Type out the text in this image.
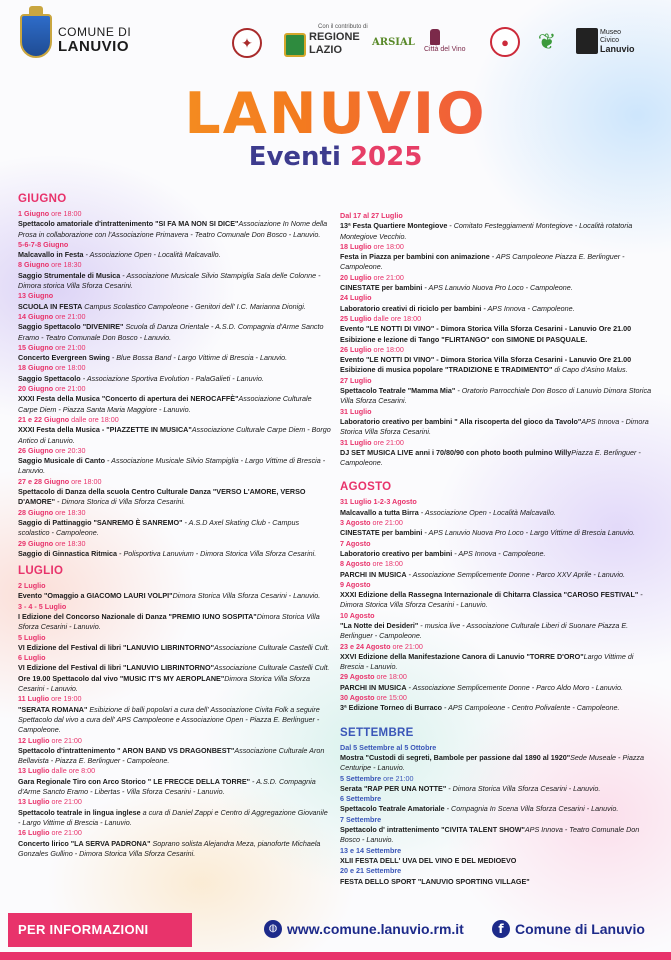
COMUNE DI
LANUVIO	✦
Con il contributo di
REGIONE
LAZIO
ARSIAL
Città del Vino	● ❦	Museo
Civico
Lanuvio
LANUVIO
Eventi 2025
GIUGNO
1 Giugno ore 18:00
Spettacolo amatoriale d'intrattenimento "SI FA MA NON SI DICE"Associazione In Nome della Prosa in collaborazione con l'Associazione Primavera - Teatro Comunale Don Bosco - Lanuvio.
5-6-7-8 Giugno
Malcavallo in Festa - Associazione Open - Località Malcavallo.
8 Giugno ore 18:30
Saggio Strumentale di Musica - Associazione Musicale Silvio Stampiglia Sala delle Colonne - Dimora storica Villa Sforza Cesarini.
13 Giugno
SCUOLA IN FESTA Campus Scolastico Campoleone - Genitori dell' I.C. Marianna Dionigi.
14 Giugno ore 21:00
Saggio Spettacolo "DIVENIRE" Scuola di Danza Orientale - A.S.D. Compagnia d'Arme Sancto Eramo - Teatro Comunale Don Bosco - Lanuvio.
15 Giugno ore 21:00
Concerto Evergreen Swing - Blue Bossa Band - Largo Vittime di Brescia - Lanuvio.
18 Giugno ore 18:00
Saggio Spettacolo - Associazione Sportiva Evolution - PalaGalieti - Lanuvio.
20 Giugno ore 21:00
XXXI Festa della Musica "Concerto di apertura dei NEROCAFFÈ"Associazione Culturale Carpe Diem - Piazza Santa Maria Maggiore - Lanuvio.
21 e 22 Giugno dalle ore 18:00
XXXI Festa della Musica - "PIAZZETTE IN MUSICA"Associazione Culturale Carpe Diem - Borgo Antico di Lanuvio.
26 Giugno ore 20:30
Saggio Musicale di Canto - Associazione Musicale Silvio Stampiglia - Largo Vittime di Brescia - Lanuvio.
27 e 28 Giugno ore 18:00
Spettacolo di Danza della scuola Centro Culturale Danza "VERSO L'AMORE, VERSO D'AMORE" - Dimora Storica di Villa Sforza Cesarini.
28 Giugno ore 18:30
Saggio di Pattinaggio "SANREMO È SANREMO" - A.S.D Axel Skating Club - Campus scolastico - Campoleone.
29 Giugno ore 18:30
Saggio di Ginnastica Ritmica - Polisportiva Lanuvium - Dimora Storica Villa Sforza Cesarini.
LUGLIO
2 Luglio
Evento "Omaggio a GIACOMO LAURI VOLPI"Dimora Storica Villa Sforza Cesarini - Lanuvio.
3 - 4 - 5 Luglio
I Edizione del Concorso Nazionale di Danza "PREMIO IUNO SOSPITA"Dimora Storica Villa Sforza Cesarini - Lanuvio.
5 Luglio
VI Edizione del Festival di libri "LANUVIO LIBRINTORNO"Associazione Culturale Castelli Cult.
6 Luglio
VI Edizione del Festival di libri "LANUVIO LIBRINTORNO"Associazione Culturale Castelli Cult.
Ore 19.00 Spettacolo dal vivo "MUSIC IT'S MY AEROPLANE"Dimora Storica Villa Sforza Cesarini - Lanuvio.
11 Luglio ore 19:00
"SERATA ROMANA" Esibizione di balli popolari a cura dell' Associazione Civita Folk a seguire Spettacolo dal vivo a cura dell' APS Campoleone e Associazione Open - Piazza E. Berlinguer - Campoleone.
12 Luglio ore 21:00
Spettacolo d'intrattenimento " ARON BAND VS DRAGONBEST"Associazione Culturale Aron Bellavista - Piazza E. Berlinguer - Campoleone.
13 Luglio dalle ore 8:00
Gara Regionale Tiro con Arco Storico " LE FRECCE DELLA TORRE" - A.S.D. Compagnia d'Arme Sancto Eramo - Libertas - Villa Sforza Cesarini - Lanuvio.
13 Luglio ore 21:00
Spettacolo teatrale in lingua inglese a cura di Daniel Zappi e Centro di Aggregazione Giovanile - Largo Vittime di Brescia - Lanuvio.
16 Luglio ore 21:00
Concerto lirico "LA SERVA PADRONA" Soprano solista Alejandra Meza, pianoforte Michaela Gonzales Gullino - Dimora Storica Villa Sforza Cesarini.
Dal 17 al 27 Luglio
13ª Festa Quartiere Montegiove - Comitato Festeggiamenti Montegiove - Località rotatoria Montegiove Vecchio.
18 Luglio ore 18:00
Festa in Piazza per bambini con animazione - APS Campoleone Piazza E. Berlinguer - Campoleone.
20 Luglio ore 21:00
CINESTATE per bambini - APS Lanuvio Nuova Pro Loco - Campoleone.
24 Luglio
Laboratorio creativi di riciclo per bambini - APS Innova - Campoleone.
25 Luglio dalle ore 18:00
Evento "LE NOTTI DI VINO" - Dimora Storica Villa Sforza Cesarini - Lanuvio Ore 21.00 Esibizione e lezione di Tango "FLIRTANGO" con SIMONE DI PASQUALE.
26 Luglio ore 18:00
Evento "LE NOTTI DI VINO" - Dimora Storica Villa Sforza Cesarini - Lanuvio Ore 21.00 Esibizione di musica popolare "TRADIZIONE E TRADIMENTO" di Capo d'Asino Malus.
27 Luglio
Spettacolo Teatrale "Mamma Mia" - Oratorio Parrocchiale Don Bosco di Lanuvio Dimora Storica Villa Sforza Cesarini.
31 Luglio
Laboratorio creativo per bambini " Alla riscoperta del gioco da Tavolo"APS Innova - Dimora Storica Villa Sforza Cesarini.
31 Luglio ore 21:00
DJ SET MUSICA LIVE anni i 70/80/90 con photo booth pulmino WillyPiazza E. Berlinguer - Campoleone.
AGOSTO
31 Luglio 1-2-3 Agosto
Malcavallo a tutta Birra - Associazione Open - Località Malcavallo.
3 Agosto ore 21:00
CINESTATE per bambini - APS Lanuvio Nuova Pro Loco - Largo Vittime di Brescia Lanuvio.
7 Agosto
Laboratorio creativo per bambini - APS Innova - Campoleone.
8 Agosto ore 18:00
PARCHI IN MUSICA - Associazione Semplicemente Donne - Parco XXV Aprile - Lanuvio.
9 Agosto
XXXI Edizione della Rassegna Internazionale di Chitarra Classica "CAROSO FESTIVAL" - Dimora Storica Villa Sforza Cesarini - Lanuvio.
10 Agosto
"La Notte dei Desideri" - musica live - Associazione Culturale Liberi di Suonare Piazza E. Berlinguer - Campoleone.
23 e 24 Agosto ore 21:00
XXVI Edizione della Manifestazione Canora di Lanuvio "TORRE D'ORO"Largo Vittime di Brescia - Lanuvio.
29 Agosto ore 18:00
PARCHI IN MUSICA - Associazione Semplicemente Donne - Parco Aldo Moro - Lanuvio.
30 Agosto ore 15:00
3ª Edizione Torneo di Burraco - APS Campoleone - Centro Polivalente - Campoleone.
SETTEMBRE
Dal 5 Settembre al 5 Ottobre
Mostra "Custodi di segreti, Bambole per passione dal 1890 al 1920"Sede Museale - Piazza Centuripe - Lanuvio.
5 Settembre ore 21:00
Serata "RAP PER UNA NOTTE" - Dimora Storica Villa Sforza Cesarini - Lanuvio.
6 Settembre
Spettacolo Teatrale Amatoriale - Compagnia In Scena Villa Sforza Cesarini - Lanuvio.
7 Settembre
Spettacolo d' intrattenimento "CIVITA TALENT SHOW"APS Innova - Teatro Comunale Don Bosco - Lanuvio.
13 e 14 Settembre
XLII FESTA DELL' UVA DEL VINO E DEL MEDIOEVO
20 e 21 Settembre
FESTA DELLO SPORT "LANUVIO SPORTING VILLAGE"
PER INFORMAZIONI	◍ www.comune.lanuvio.rm.it	f Comune di Lanuvio
